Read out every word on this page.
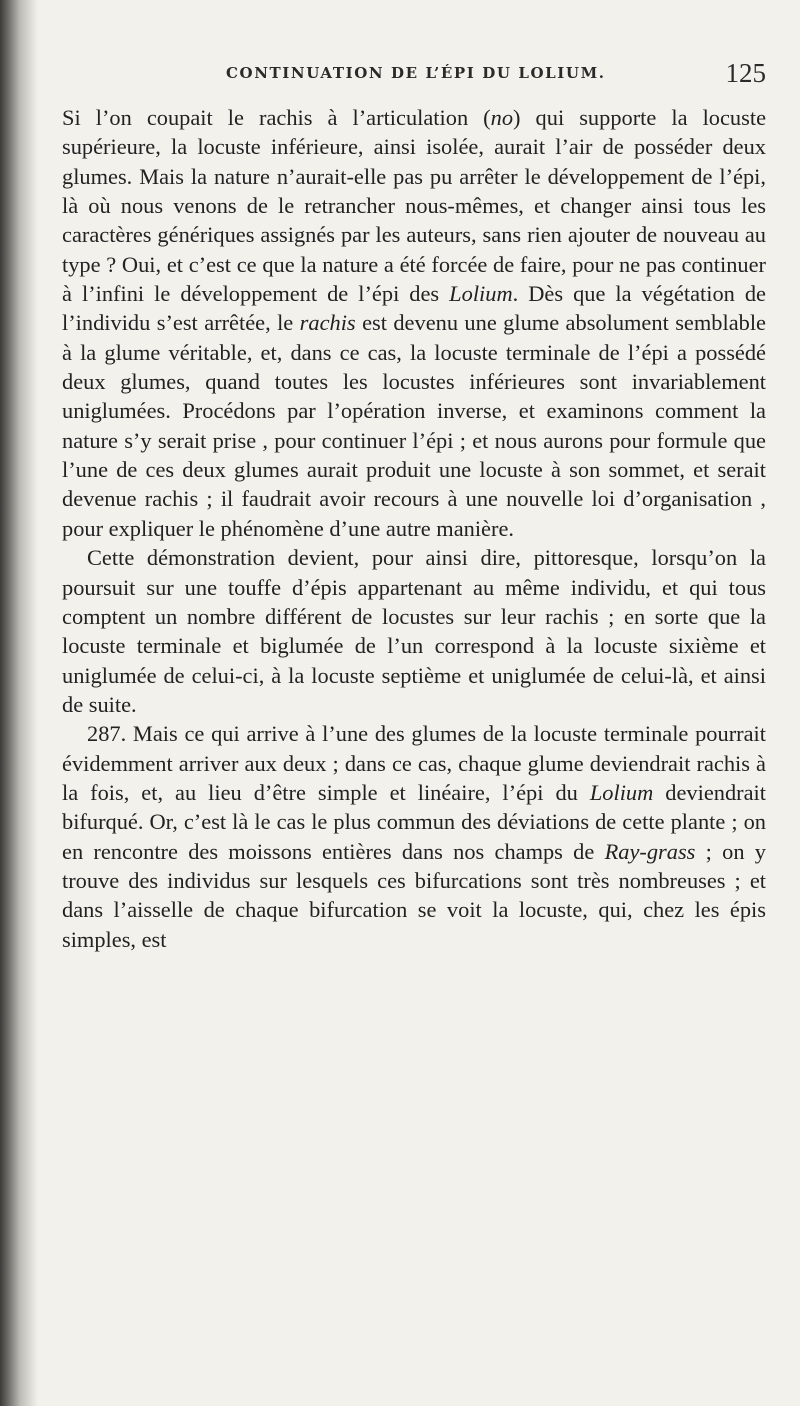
CONTINUATION DE L’ÉPI DU LOLIUM.	125

Si l’on coupait le rachis à l’articulation (no) qui supporte la locuste supérieure, la locuste inférieure, ainsi isolée, aurait l’air de posséder deux glumes. Mais la nature n’aurait-elle pas pu arrêter le développement de l’épi, là où nous venons de le retrancher nous-mêmes, et changer ainsi tous les caractères génériques assignés par les auteurs, sans rien ajouter de nouveau au type ? Oui, et c’est ce que la nature a été forcée de faire, pour ne pas continuer à l’infini le développement de l’épi des Lolium. Dès que la végétation de l’individu s’est arrêtée, le rachis est devenu une glume absolument semblable à la glume véritable, et, dans ce cas, la locuste terminale de l’épi a possédé deux glumes, quand toutes les locustes inférieures sont invariablement uniglumées. Procédons par l’opération inverse, et examinons comment la nature s’y serait prise , pour continuer l’épi ; et nous aurons pour formule que l’une de ces deux glumes aurait produit une locuste à son sommet, et serait devenue rachis ; il faudrait avoir recours à une nouvelle loi d’organisation , pour expliquer le phénomène d’une autre manière.

Cette démonstration devient, pour ainsi dire, pittoresque, lorsqu’on la poursuit sur une touffe d’épis appartenant au même individu, et qui tous comptent un nombre différent de locustes sur leur rachis ; en sorte que la locuste terminale et biglumée de l’un correspond à la locuste sixième et uniglumée de celui-ci, à la locuste septième et uniglumée de celui-là, et ainsi de suite.

287. Mais ce qui arrive à l’une des glumes de la locuste terminale pourrait évidemment arriver aux deux ; dans ce cas, chaque glume deviendrait rachis à la fois, et, au lieu d’être simple et linéaire, l’épi du Lolium deviendrait bifurqué. Or, c’est là le cas le plus commun des déviations de cette plante ; on en rencontre des moissons entières dans nos champs de Ray-grass ; on y trouve des individus sur lesquels ces bifurcations sont très nombreuses ; et dans l’aisselle de chaque bifurcation se voit la locuste, qui, chez les épis simples, est
